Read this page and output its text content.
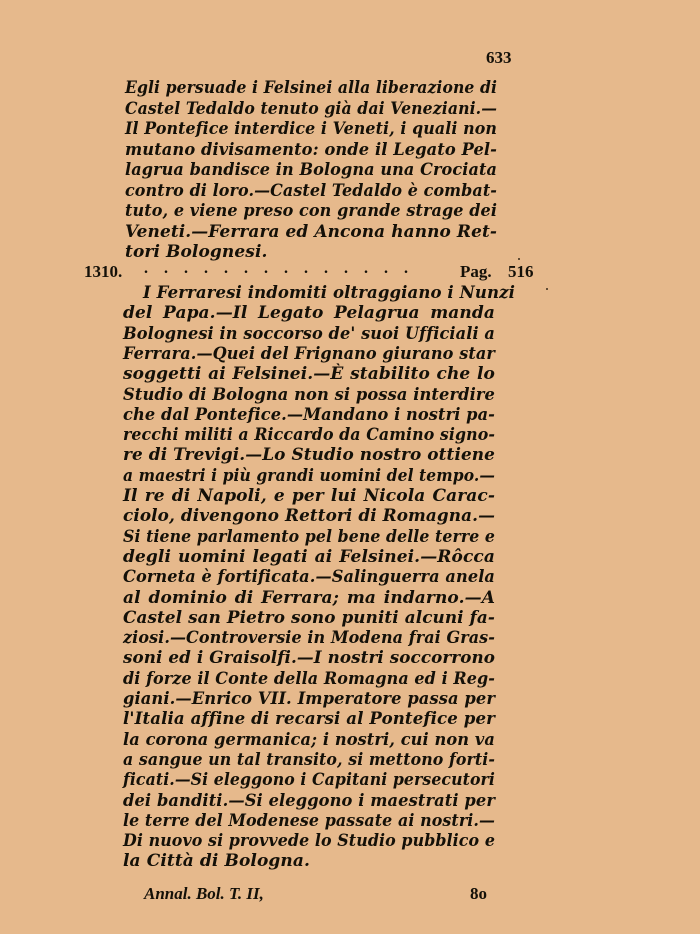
633
Egli persuade i Felsinei alla liberazione di
Castel Tedaldo tenuto già dai Veneziani.—
Il Pontefice interdice i Veneti, i quali non
mutano divisamento: onde il Legato Pel-
lagrua bandisce in Bologna una Crociata
contro di loro.—Castel Tedaldo è combat-
tuto, e viene preso con grande strage dei
Veneti.—Ferrara ed Ancona hanno Ret-
tori Bolognesi.
1310. . . . . . . . . . . . . . .	Pag. 516
I Ferraresi indomiti oltraggiano i Nunzi
del Papa.—Il Legato Pelagrua manda
Bolognesi in soccorso de' suoi Ufficiali a
Ferrara.—Quei del Frignano giurano star
soggetti ai Felsinei.—È stabilito che lo
Studio di Bologna non si possa interdire
che dal Pontefice.—Mandano i nostri pa-
recchi militi a Riccardo da Camino signo-
re di Trevigi.—Lo Studio nostro ottiene
a maestri i più grandi uomini del tempo.—
Il re di Napoli, e per lui Nicola Carac-
ciolo, divengono Rettori di Romagna.—
Si tiene parlamento pel bene delle terre e
degli uomini legati ai Felsinei.—Rôcca
Corneta è fortificata.—Salinguerra anela
al dominio di Ferrara; ma indarno.—A
Castel san Pietro sono puniti alcuni fa-
ziosi.—Controversie in Modena frai Gras-
soni ed i Graisolfi.—I nostri soccorrono
di forze il Conte della Romagna ed i Reg-
giani.—Enrico VII. Imperatore passa per
l'Italia affine di recarsi al Pontefice per
la corona germanica; i nostri, cui non va
a sangue un tal transito, si mettono forti-
ficati.—Si eleggono i Capitani persecutori
dei banditi.—Si eleggono i maestrati per
le terre del Modenese passate ai nostri.—
Di nuovo si provvede lo Studio pubblico e
la Città di Bologna.
Annal. Bol. T. II,	8o
